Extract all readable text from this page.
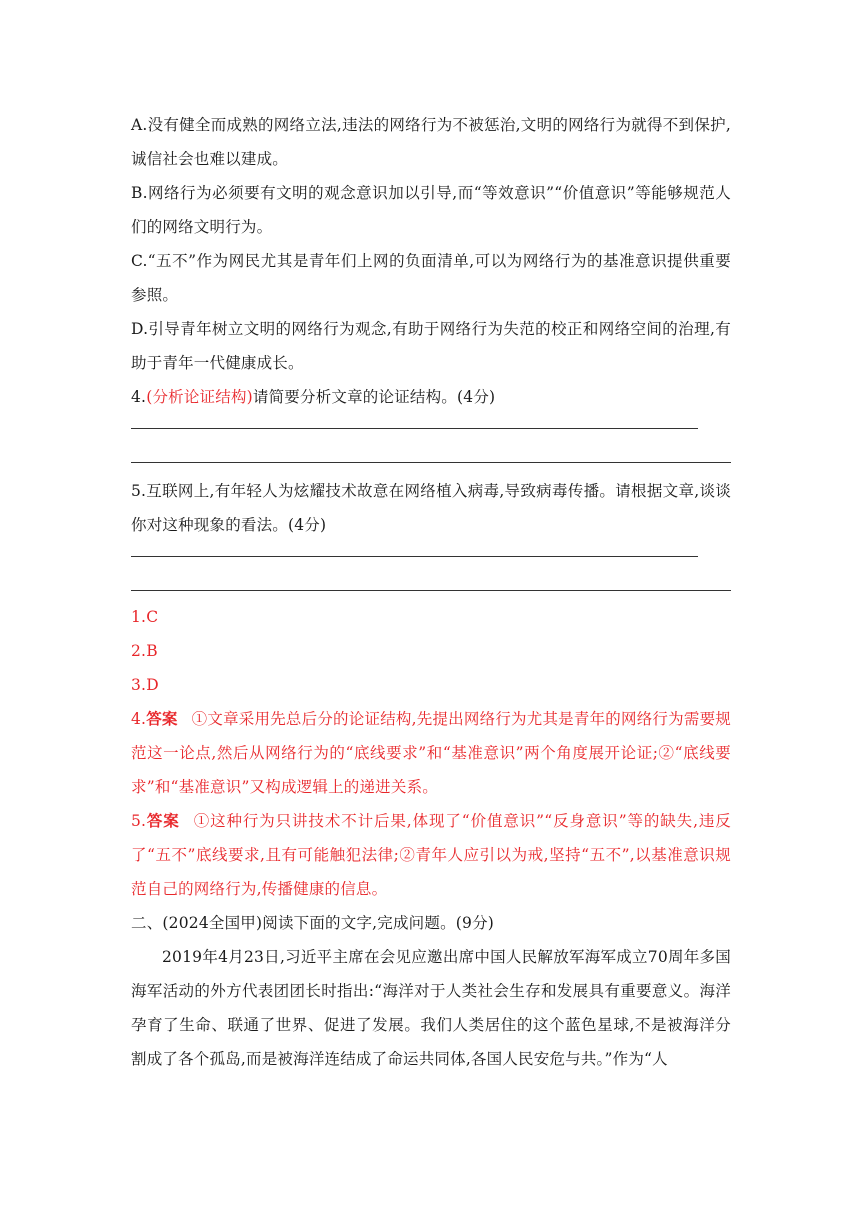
A.没有健全而成熟的网络立法,违法的网络行为不被惩治,文明的网络行为就得不到保护,诚信社会也难以建成。

B.网络行为必须要有文明的观念意识加以引导,而“等效意识”“价值意识”等能够规范人们的网络文明行为。

C.“五不”作为网民尤其是青年们上网的负面清单,可以为网络行为的基准意识提供重要参照。

D.引导青年树立文明的网络行为观念,有助于网络行为失范的校正和网络空间的治理,有助于青年一代健康成长。

4.(分析论证结构)请简要分析文章的论证结构。(4分)

5.互联网上,有年轻人为炫耀技术故意在网络植入病毒,导致病毒传播。请根据文章,谈谈你对这种现象的看法。(4分)

1.C

2.B

3.D

4.答案 ①文章采用先总后分的论证结构,先提出网络行为尤其是青年的网络行为需要规范这一论点,然后从网络行为的“底线要求”和“基准意识”两个角度展开论证;②“底线要求”和“基准意识”又构成逻辑上的递进关系。

5.答案 ①这种行为只讲技术不计后果,体现了“价值意识”“反身意识”等的缺失,违反了“五不”底线要求,且有可能触犯法律;②青年人应引以为戒,坚持“五不”,以基准意识规范自己的网络行为,传播健康的信息。

二、(2024全国甲)阅读下面的文字,完成问题。(9分)

2019年4月23日,习近平主席在会见应邀出席中国人民解放军海军成立70周年多国海军活动的外方代表团团长时指出:“海洋对于人类社会生存和发展具有重要意义。海洋孕育了生命、联通了世界、促进了发展。我们人类居住的这个蓝色星球,不是被海洋分割成了各个孤岛,而是被海洋连结成了命运共同体,各国人民安危与共。”作为“人
